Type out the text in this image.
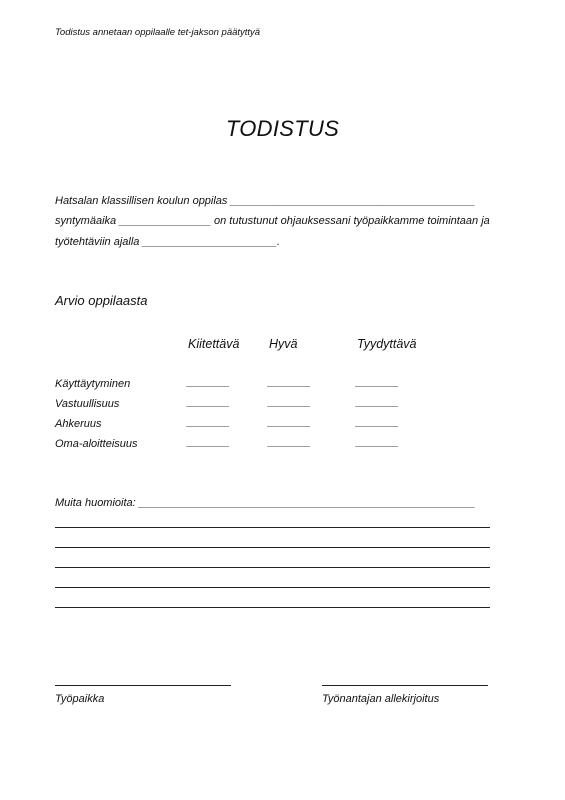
Todistus annetaan oppilaalle tet-jakson päätyttyä
TODISTUS
Hatsalan klassillisen koulun oppilas ________________________________________
syntymäaika _______________ on tutustunut ohjauksessani työpaikkamme toimintaan ja
työtehtäviin ajalla ______________________.
Arvio oppilaasta
Kiitettävä Hyvä	Tyydyttävä
Käyttäytyminen	_______	_______	_______
Vastuullisuus	_______	_______	_______
Ahkeruus	_______	_______	_______
Oma-aloitteisuus	_______	_______	_______
Muita huomioita: _______________________________________________________
Työpaikka	Työnantajan allekirjoitus
